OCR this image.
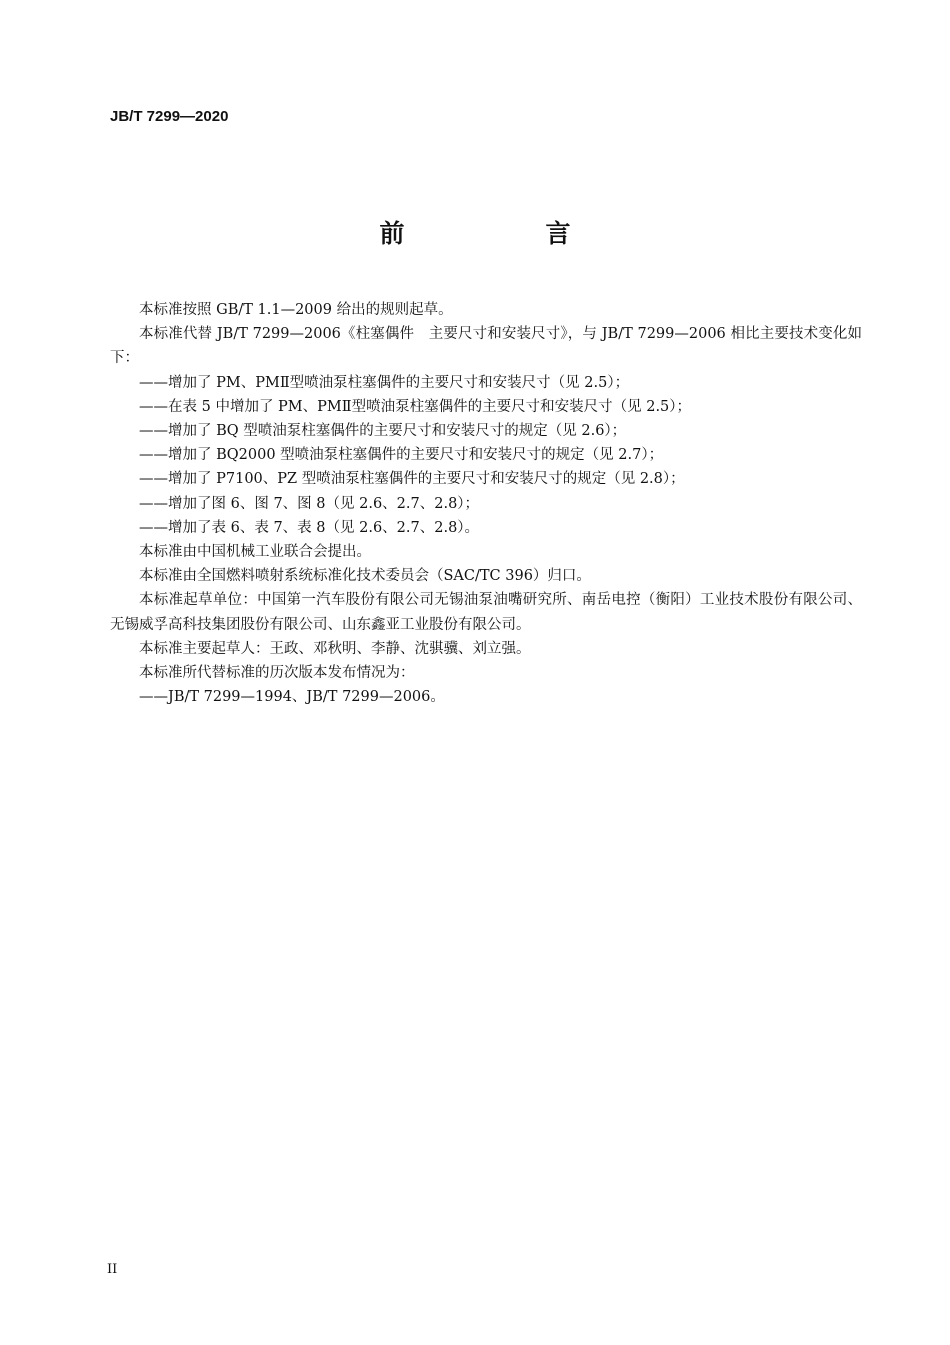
JB/T 7299—2020
前　言

本标准按照 GB/T 1.1—2009 给出的规则起草。

本标准代替 JB/T 7299—2006《柱塞偶件　主要尺寸和安装尺寸》，与 JB/T 7299—2006 相比主要技术变化如下：

——增加了 PM、PMⅡ型喷油泵柱塞偶件的主要尺寸和安装尺寸（见 2.5）；

——在表 5 中增加了 PM、PMⅡ型喷油泵柱塞偶件的主要尺寸和安装尺寸（见 2.5）；

——增加了 BQ 型喷油泵柱塞偶件的主要尺寸和安装尺寸的规定（见 2.6）；

——增加了 BQ2000 型喷油泵柱塞偶件的主要尺寸和安装尺寸的规定（见 2.7）；

——增加了 P7100、PZ 型喷油泵柱塞偶件的主要尺寸和安装尺寸的规定（见 2.8）；

——增加了图 6、图 7、图 8（见 2.6、2.7、2.8）；

——增加了表 6、表 7、表 8（见 2.6、2.7、2.8）。

本标准由中国机械工业联合会提出。

本标准由全国燃料喷射系统标准化技术委员会（SAC/TC 396）归口。

本标准起草单位：中国第一汽车股份有限公司无锡油泵油嘴研究所、南岳电控（衡阳）工业技术股份有限公司、无锡威孚高科技集团股份有限公司、山东鑫亚工业股份有限公司。

本标准主要起草人：王政、邓秋明、李静、沈骐骥、刘立强。

本标准所代替标准的历次版本发布情况为：

——JB/T 7299—1994、JB/T 7299—2006。

II
